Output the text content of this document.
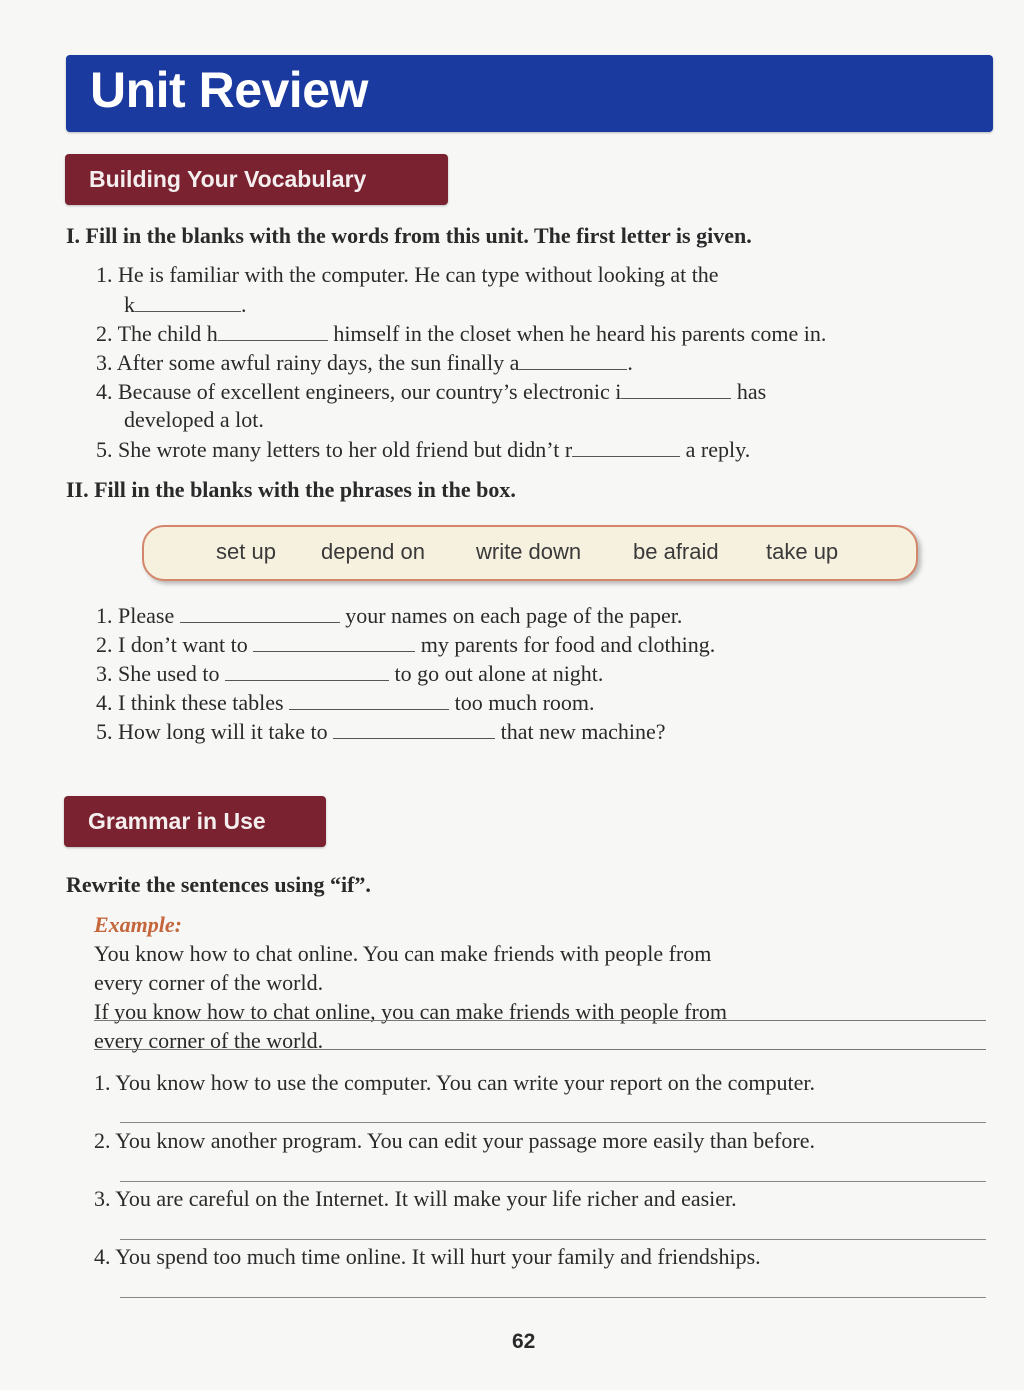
Unit Review
Building Your Vocabulary
I. Fill in the blanks with the words from this unit. The first letter is given.
1. He is familiar with the computer. He can type without looking at the
k	.
2. The child h	himself in the closet when he heard his parents come in.
3. After some awful rainy days, the sun finally a	.
4. Because of excellent engineers, our country’s electronic i	has
developed a lot.
5. She wrote many letters to her old friend but didn’t r	a reply.
II. Fill in the blanks with the phrases in the box.
set up depend on write down be afraid take up
1. Please	your names on each page of the paper.
2. I don’t want to	my parents for food and clothing.
3. She used to	to go out alone at night.
4. I think these tables	too much room.
5. How long will it take to	that new machine?
Grammar in Use
Rewrite the sentences using “if”.
Example:
You know how to chat online. You can make friends with people from
every corner of the world.
If you know how to chat online, you can make friends with people from
every corner of the world.
1. You know how to use the computer. You can write your report on the computer.
2. You know another program. You can edit your passage more easily than before.
3. You are careful on the Internet. It will make your life richer and easier.
4. You spend too much time online. It will hurt your family and friendships.
62
